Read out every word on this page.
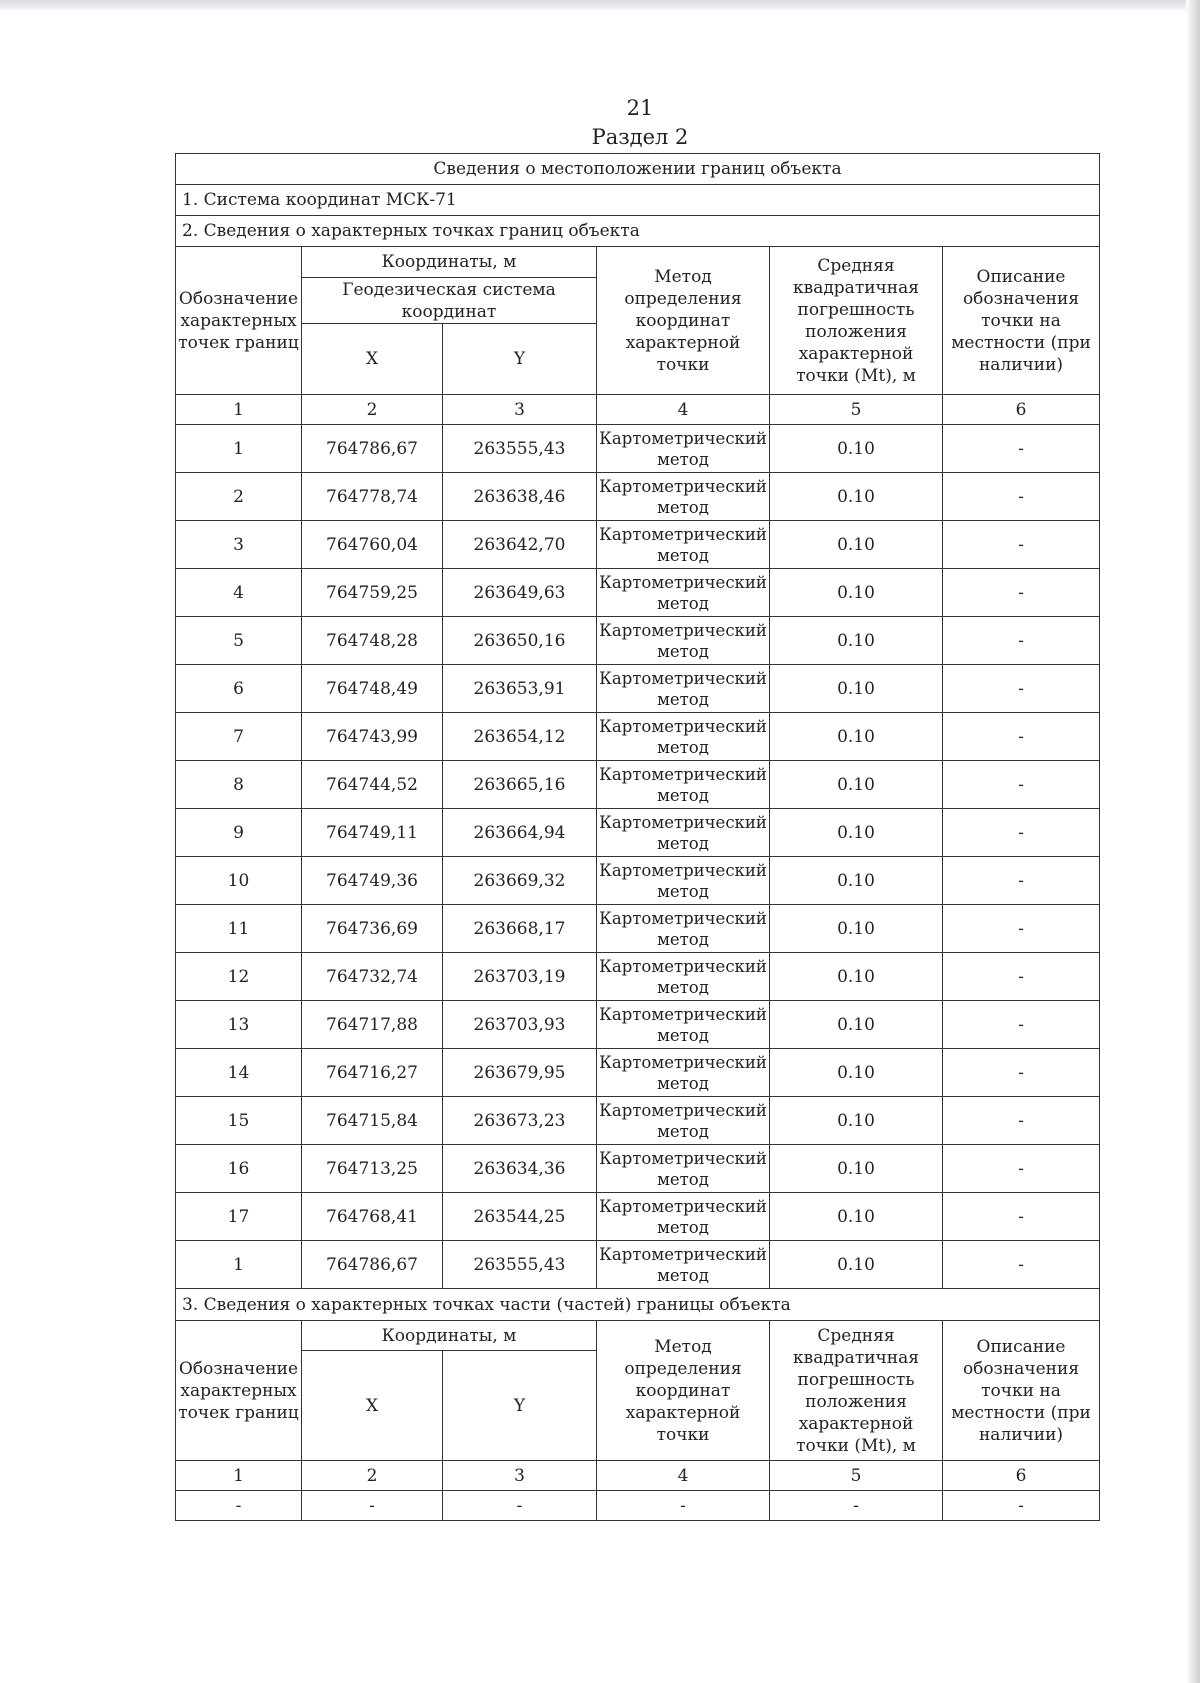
21
Раздел 2
Сведения о местоположении границ объекта					
1. Система координат МСК-71					
2. Сведения о характерных точках границ объекта					
Обозначение характерных точек границ	Координаты, м		Метод определения координат характерной точки	Средняя квадратичная погрешность положения характерной точки (Mt), м	Описание обозначения точки на местности (при наличии)
	Геодезическая система координат				
	X	Y			
1	2	3	4	5	6
1	764786,67	263555,43	Картометрический метод	0.10	-
2	764778,74	263638,46	Картометрический метод	0.10	-
3	764760,04	263642,70	Картометрический метод	0.10	-
4	764759,25	263649,63	Картометрический метод	0.10	-
5	764748,28	263650,16	Картометрический метод	0.10	-
6	764748,49	263653,91	Картометрический метод	0.10	-
7	764743,99	263654,12	Картометрический метод	0.10	-
8	764744,52	263665,16	Картометрический метод	0.10	-
9	764749,11	263664,94	Картометрический метод	0.10	-
10	764749,36	263669,32	Картометрический метод	0.10	-
11	764736,69	263668,17	Картометрический метод	0.10	-
12	764732,74	263703,19	Картометрический метод	0.10	-
13	764717,88	263703,93	Картометрический метод	0.10	-
14	764716,27	263679,95	Картометрический метод	0.10	-
15	764715,84	263673,23	Картометрический метод	0.10	-
16	764713,25	263634,36	Картометрический метод	0.10	-
17	764768,41	263544,25	Картометрический метод	0.10	-
1	764786,67	263555,43	Картометрический метод	0.10	-
3. Сведения о характерных точках части (частей) границы объекта					
Обозначение характерных точек границ	Координаты, м		Метод определения координат характерной точки	Средняя квадратичная погрешность положения характерной точки (Mt), м	Описание обозначения точки на местности (при наличии)
	X	Y			
1	2	3	4	5	6
-	-	-	-	-	-
